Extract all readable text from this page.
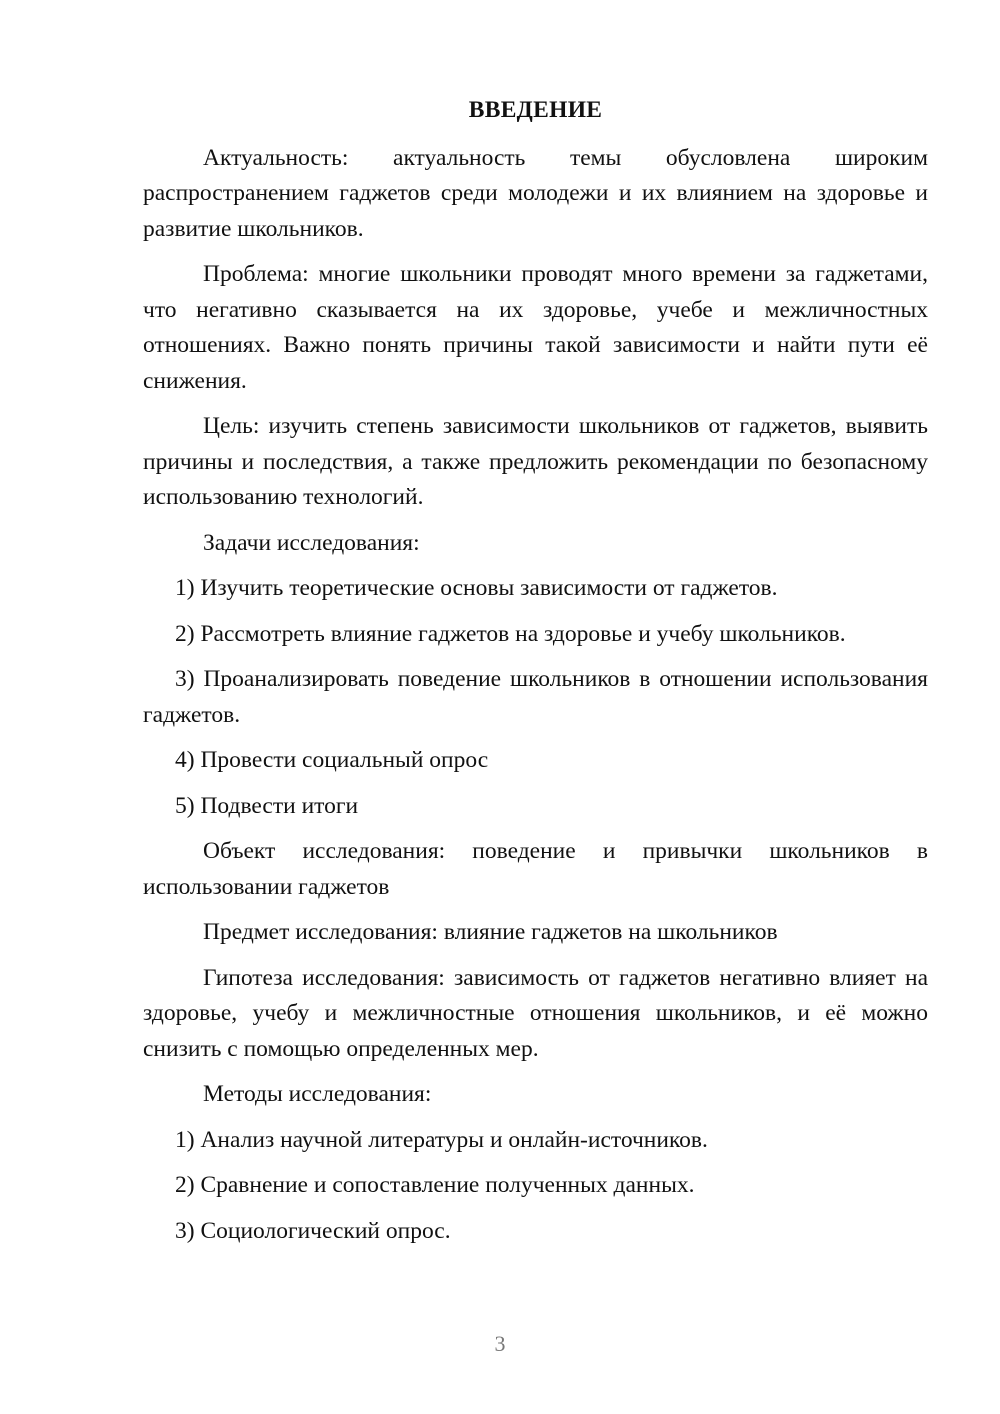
ВВЕДЕНИЕ

Актуальность: актуальность темы обусловлена широким распространением гаджетов среди молодежи и их влиянием на здоровье и развитие школьников.

Проблема: многие школьники проводят много времени за гаджетами, что негативно сказывается на их здоровье, учебе и межличностных отношениях. Важно понять причины такой зависимости и найти пути её снижения.

Цель: изучить степень зависимости школьников от гаджетов, выявить причины и последствия, а также предложить рекомендации по безопасному использованию технологий.

Задачи исследования:

1) Изучить теоретические основы зависимости от гаджетов.

2) Рассмотреть влияние гаджетов на здоровье и учебу школьников.

3) Проанализировать поведение школьников в отношении использования гаджетов.

4) Провести социальный опрос

5) Подвести итоги

Объект исследования: поведение и привычки школьников в использовании гаджетов

Предмет исследования: влияние гаджетов на школьников

Гипотеза исследования: зависимость от гаджетов негативно влияет на здоровье, учебу и межличностные отношения школьников, и её можно снизить с помощью определенных мер.

Методы исследования:

1) Анализ научной литературы и онлайн-источников.

2) Сравнение и сопоставление полученных данных.

3) Социологический опрос.

3
